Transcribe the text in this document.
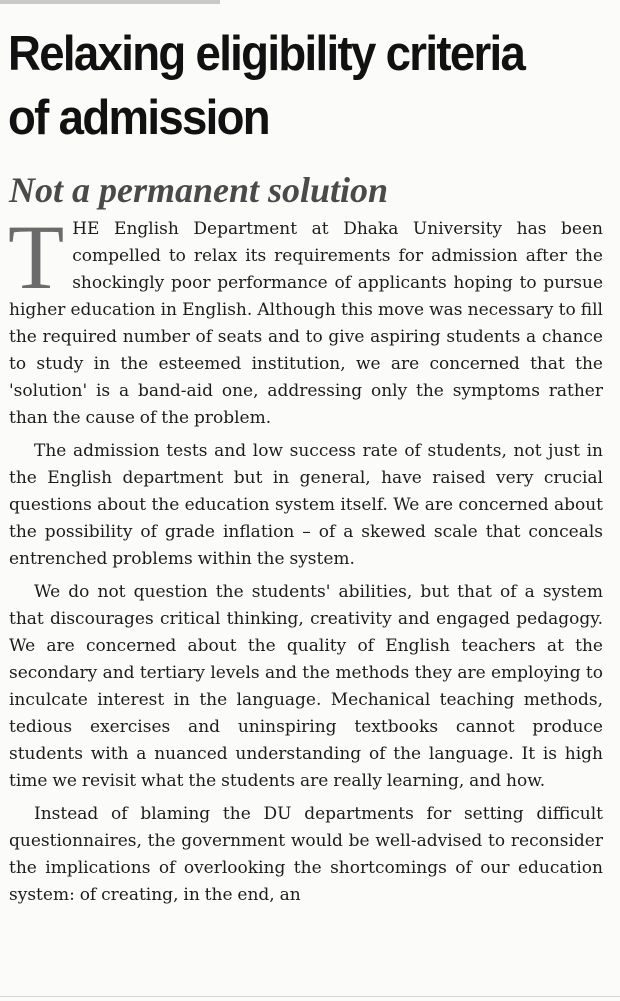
Relaxing eligibility criteria
of admission
Not a permanent solution

THE English Department at Dhaka University has been compelled to relax its requirements for admission after the shockingly poor performance of applicants hoping to pursue higher education in English. Although this move was necessary to fill the required number of seats and to give aspiring students a chance to study in the esteemed institution, we are concerned that the 'solution' is a band-aid one, addressing only the symptoms rather than the cause of the problem.

The admission tests and low success rate of students, not just in the English department but in general, have raised very crucial questions about the education system itself. We are concerned about the possibility of grade inflation – of a skewed scale that conceals entrenched problems within the system.

We do not question the students' abilities, but that of a system that discourages critical thinking, creativity and engaged pedagogy. We are concerned about the quality of English teachers at the secondary and tertiary levels and the methods they are employing to inculcate interest in the language. Mechanical teaching methods, tedious exercises and uninspiring textbooks cannot produce students with a nuanced understanding of the language. It is high time we revisit what the students are really learning, and how.

Instead of blaming the DU departments for setting difficult questionnaires, the government would be well-advised to reconsider the implications of overlooking the shortcomings of our education system: of creating, in the end, an
